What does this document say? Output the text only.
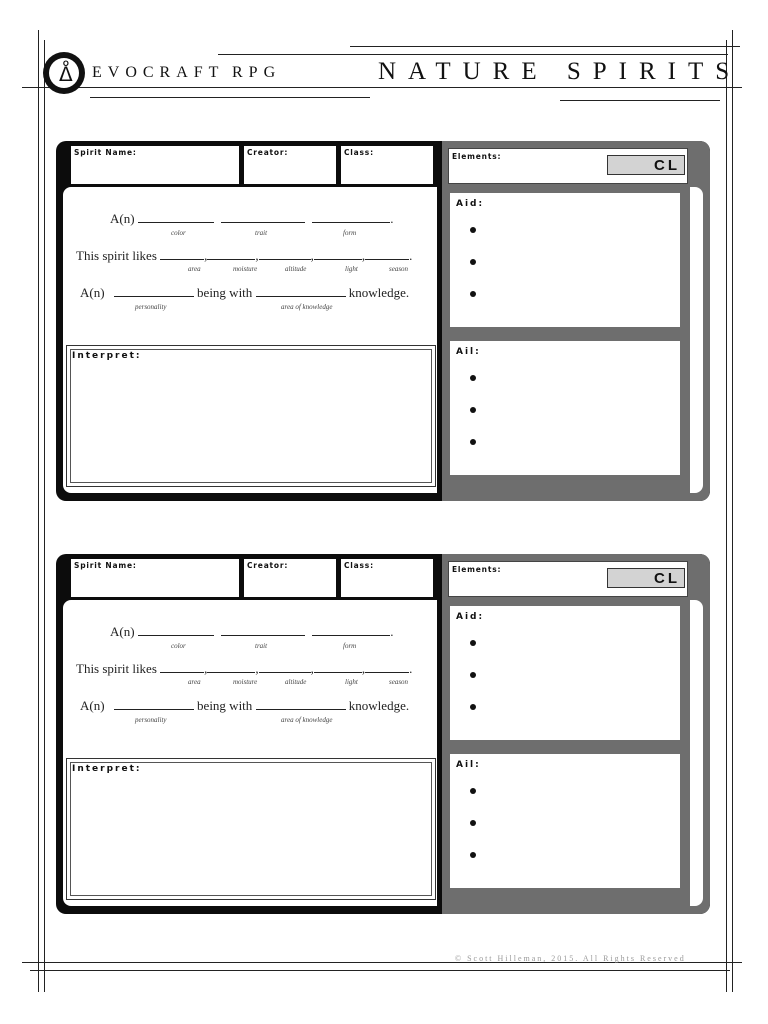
ᐂ EVOCRAFT RPG	NATURE SPIRITS
Spirit Name:	Creator:	Class:
A(n)	.
color	trait	form
This spirit likes	,	,	,	,	.
area	moisture	altitude	light	season
A(n)	being with	knowledge.
personality	area of knowledge
Interpret:
Elements:
CL
Aid:
Ail:
Spirit Name:	Creator:	Class:
A(n)	.
color	trait	form
This spirit likes	,	,	,	,	.
area	moisture	altitude	light	season
A(n)	being with	knowledge.
personality	area of knowledge
Interpret:
Elements:
CL
Aid:
Ail:
© Scott Hilleman, 2015. All Rights Reserved
